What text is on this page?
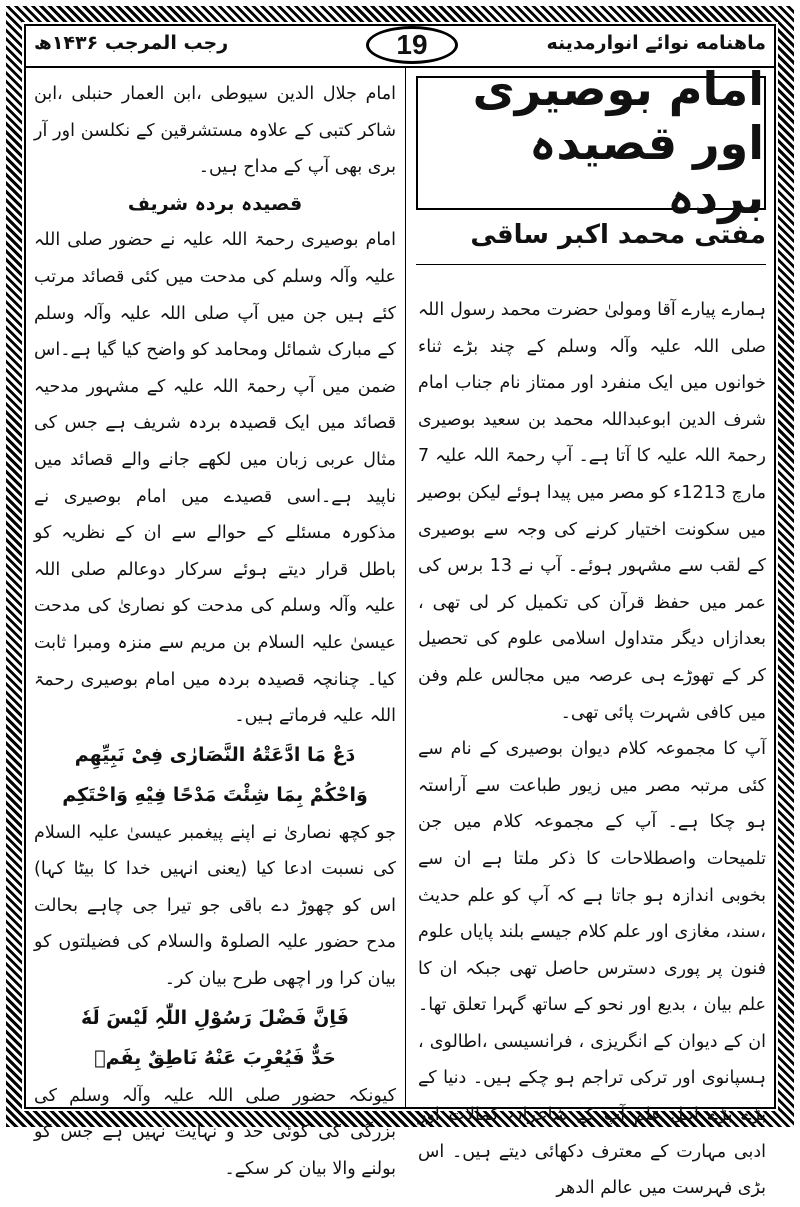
رجب المرجب ۱۴۳۶ھ	19	ماهنامه نوائے انوارمدینه
امام بوصیری اور قصیدہ بردہ
مفتی محمد اکبر ساقی

ہمارے پیارے آقا ومولیٰ حضرت محمد رسول اللہ صلی اللہ علیہ وآلہ وسلم کے چند بڑے ثناء خوانوں میں ایک منفرد اور ممتاز نام جناب امام شرف الدین ابوعبداللہ محمد بن سعید بوصیری رحمۃ اللہ علیہ کا آتا ہے۔ آپ رحمۃ اللہ علیہ 7 مارچ 1213ء کو مصر میں پیدا ہوئے لیکن بوصیر میں سکونت اختیار کرنے کی وجہ سے بوصیری کے لقب سے مشہور ہوئے۔ آپ نے 13 برس کی عمر میں حفظ قرآن کی تکمیل کر لی تھی ، بعدازاں دیگر متداول اسلامی علوم کی تحصیل کر کے تھوڑے ہی عرصہ میں مجالس علم وفن میں کافی شہرت پائی تھی۔

آپ کا مجموعہ کلام دیوان بوصیری کے نام سے کئی مرتبہ مصر میں زیور طباعت سے آراستہ ہو چکا ہے۔ آپ کے مجموعہ کلام میں جن تلمیحات واصطلاحات کا ذکر ملتا ہے ان سے بخوبی اندازہ ہو جاتا ہے کہ آپ کو علم حدیث ،سند، مغازی اور علم کلام جیسے بلند پایاں علوم فنون پر پوری دسترس حاصل تھی جبکہ ان کا علم بیان ، بدیع اور نحو کے ساتھ گہرا تعلق تھا۔ ان کے دیوان کے انگریزی ، فرانسیسی ،اطالوی ، ہسپانوی اور ترکی تراجم ہو چکے ہیں۔ دنیا کے بڑے بڑے اہل علم آپ کے شاعرانہ کمالات اور ادبی مہارت کے معترف دکھائی دیتے ہیں۔ اس بڑی فہرست میں عالم الدھر

امام جلال الدین سیوطی ،ابن العمار حنبلی ،ابن شاکر کتبی کے علاوہ مستشرقین کے نکلسن اور آر بری بھی آپ کے مداح ہیں۔

قصیدہ بردہ شریف

امام بوصیری رحمۃ اللہ علیہ نے حضور صلی اللہ علیہ وآلہ وسلم کی مدحت میں کئی قصائد مرتب کئے ہیں جن میں آپ صلی اللہ علیہ وآلہ وسلم کے مبارک شمائل ومحامد کو واضح کیا گیا ہے۔اس ضمن میں آپ رحمۃ اللہ علیہ کے مشہور مدحیہ قصائد میں ایک قصیدہ بردہ شریف ہے جس کی مثال عربی زبان میں لکھے جانے والے قصائد میں ناپید ہے۔اسی قصیدے میں امام بوصیری نے مذکورہ مسئلے کے حوالے سے ان کے نظریہ کو باطل قرار دیتے ہوئے سرکار دوعالم صلی اللہ علیہ وآلہ وسلم کی مدحت کو نصاریٰ کی مدحت عیسیٰ علیہ السلام بن مریم سے منزہ ومبرا ثابت کیا۔ چنانچہ قصیدہ بردہ میں امام بوصیری رحمۃ اللہ علیہ فرماتے ہیں۔

دَعْ مَا ادَّعَتْهُ النَّصَارٰی فِیْ نَبِیِّهِم

وَاحْکُمْ بِمَا شِئْتَ مَدْحًا فِیْهِ وَاحْتَکِم

جو کچھ نصاریٰ نے اپنے پیغمبر عیسیٰ علیہ السلام کی نسبت ادعا کیا (یعنی انہیں خدا کا بیٹا کہا) اس کو چھوڑ دے باقی جو تیرا جی چاہے بحالت مدح حضور علیہ الصلوۃ والسلام کی فضیلتوں کو بیان کرا ور اچھی طرح بیان کر۔

فَاِنَّ فَضْلَ رَسُوْلِ اللّٰہِ لَیْسَ لَهٗ

حَدٌّ فَیُعْرِبَ عَنْهُ نَاطِقٌ بِفَمٖ

کیونکہ حضور صلی اللہ علیہ وآلہ وسلم کی بزرگی کی کوئی حد و نہایت نہیں ہے جس کو بولنے والا بیان کر سکے۔
